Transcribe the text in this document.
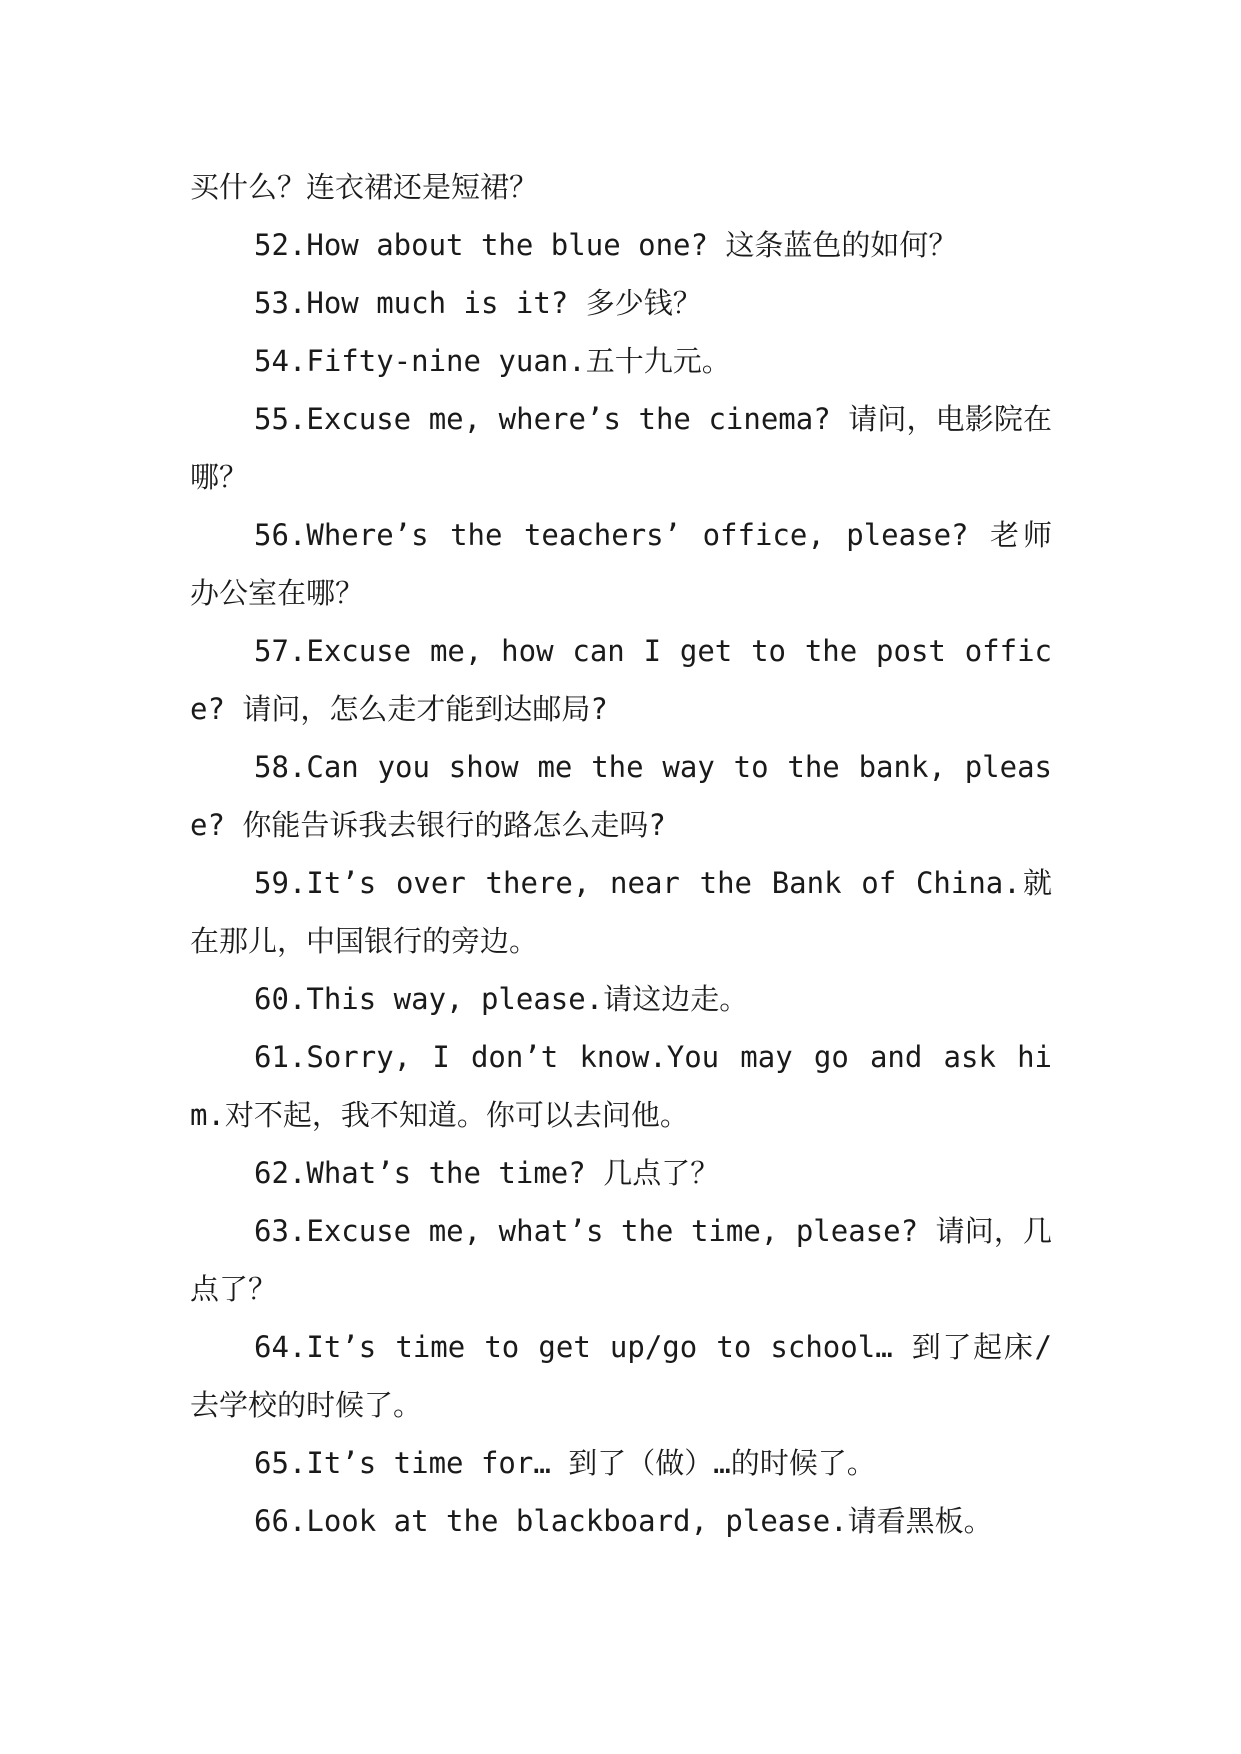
买什么？连衣裙还是短裙？

52.How about the blue one? 这条蓝色的如何？

53.How much is it? 多少钱？

54.Fifty-nine yuan.五十九元。

55.Excuse me, where’s the cinema? 请问，电影院在哪？

56.Where’s the teachers’ office, please? 老师办公室在哪？

57.Excuse me, how can I get to the post office? 请问，怎么走才能到达邮局?

58.Can you show me the way to the bank, please? 你能告诉我去银行的路怎么走吗?

59.It’s over there, near the Bank of China.就在那儿，中国银行的旁边。

60.This way, please.请这边走。

61.Sorry, I don’t know.You may go and ask him.对不起，我不知道。你可以去问他。

62.What’s the time? 几点了？

63.Excuse me, what’s the time, please? 请问，几点了？

64.It’s time to get up/go to school… 到了起床/去学校的时候了。

65.It’s time for… 到了（做）…的时候了。

66.Look at the blackboard, please.请看黑板。
